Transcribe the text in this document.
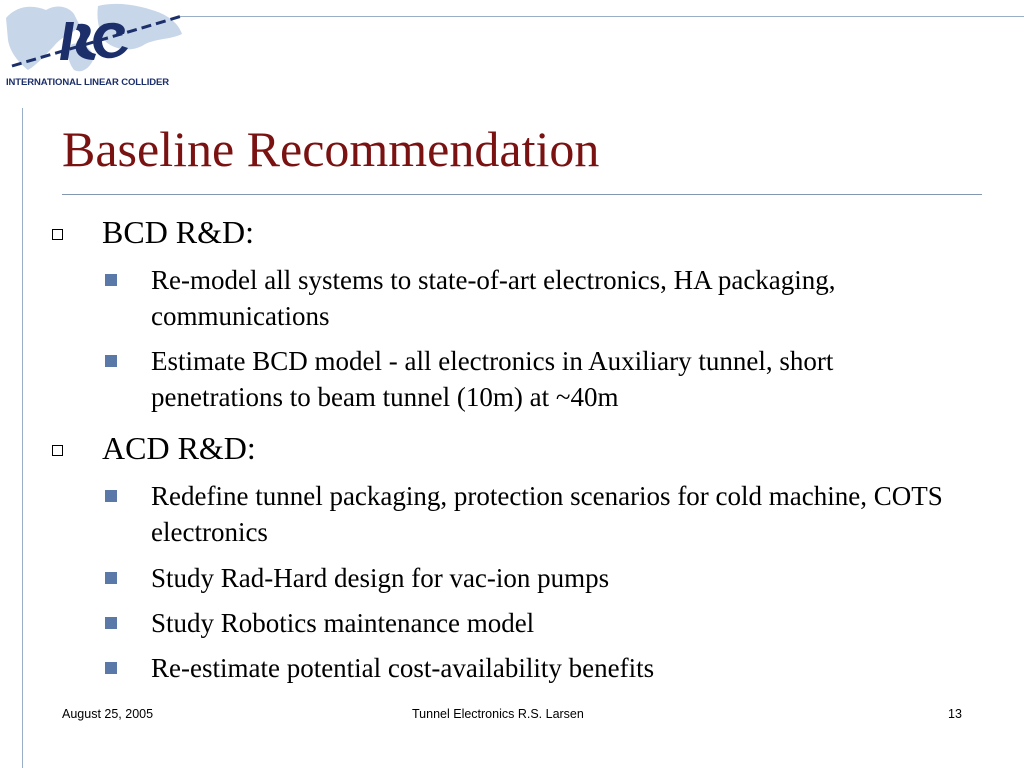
INTERNATIONAL LINEAR COLLIDER
Baseline Recommendation
BCD R&D:
Re-model all systems to state-of-art electronics, HA packaging, communications
Estimate BCD model - all electronics in Auxiliary tunnel, short penetrations to beam tunnel (10m) at ~40m
ACD R&D:
Redefine tunnel packaging, protection scenarios for cold machine, COTS electronics
Study Rad-Hard design for vac-ion pumps
Study Robotics maintenance model
Re-estimate potential cost-availability benefits
August 25, 2005	Tunnel Electronics R.S. Larsen	13
